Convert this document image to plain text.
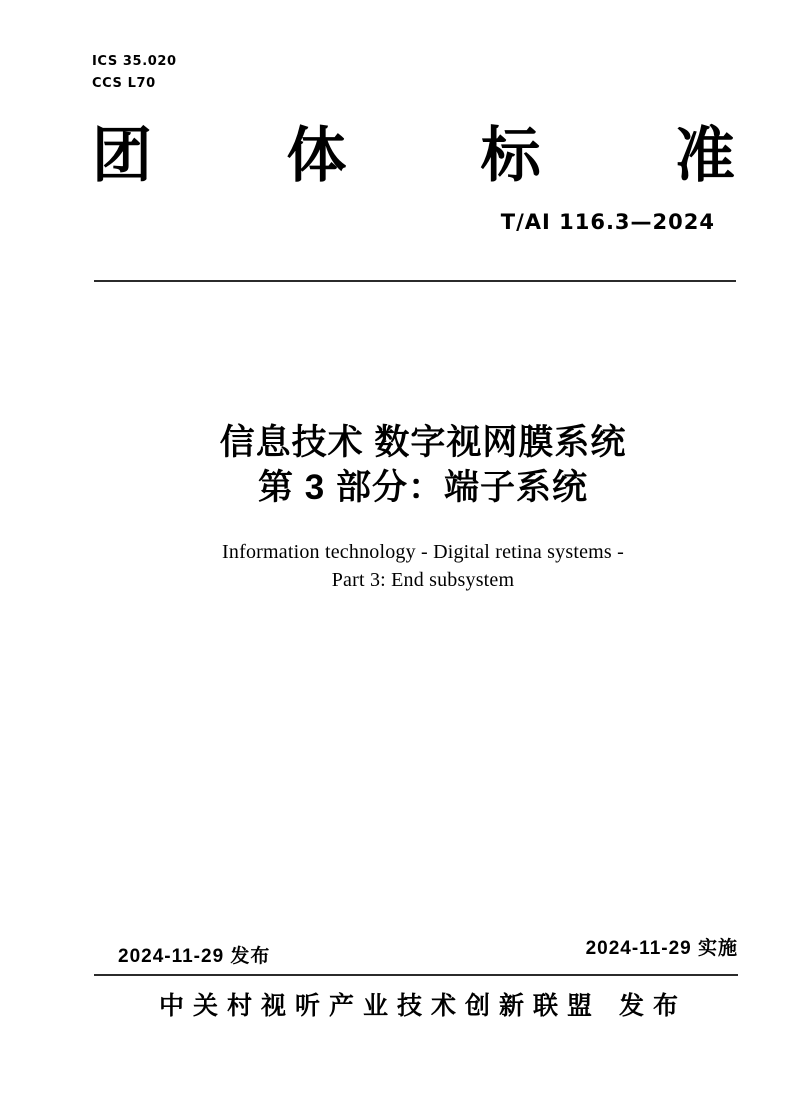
ICS 35.020
CCS L70
团 体 标 准
T/AI 116.3—2024
信息技术 数字视网膜系统
第 3 部分：端子系统
Information technology - Digital retina systems -
Part 3: End subsystem
2024-11-29 发布	2024-11-29 实施
中关村视听产业技术创新联盟 发布
